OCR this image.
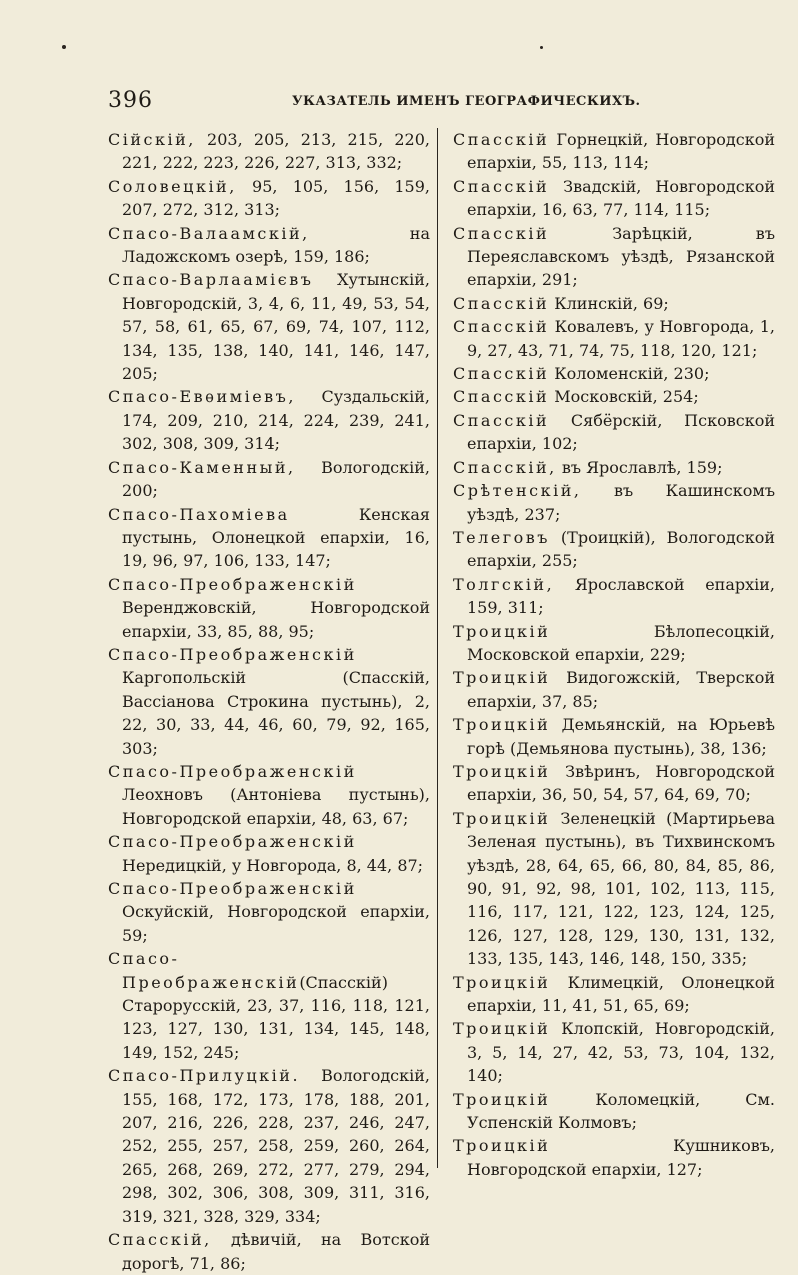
396	УКАЗАТЕЛЬ ИМЕНЪ ГЕОГРАФИЧЕСКИХЪ.

Сійскій, 203, 205, 213, 215, 220, 221, 222, 223, 226, 227, 313, 332;

Соловецкій, 95, 105, 156, 159, 207, 272, 312, 313;

Спасо-Валаамскій, на Ладожскомъ озерѣ, 159, 186;

Спасо-Варлаамієвъ Хутынскій, Новгородскій, 3, 4, 6, 11, 49, 53, 54, 57, 58, 61, 65, 67, 69, 74, 107, 112, 134, 135, 138, 140, 141, 146, 147, 205;

Спасо-Евѳиміевъ, Суздальскій, 174, 209, 210, 214, 224, 239, 241, 302, 308, 309, 314;

Спасо-Каменный, Вологодскій, 200;

Спасо-Пахоміева Кенская пустынь, Олонецкой епархіи, 16, 19, 96, 97, 106, 133, 147;

Спасо-Преображенскій Веренджовскій, Новгородской епархіи, 33, 85, 88, 95;

Спасо-Преображенскій Каргопольскій (Спасскій, Вассіанова Строкина пустынь), 2, 22, 30, 33, 44, 46, 60, 79, 92, 165, 303;

Спасо-Преображенскій Леохновъ (Антоніева пустынь), Новгородской епархіи, 48, 63, 67;

Спасо-Преображенскій Нередицкій, у Новгорода, 8, 44, 87;

Спасо-Преображенскій Оскуйскій, Новгородской епархіи, 59;

Спасо-Преображенскій(Спасскій) Старорусскій, 23, 37, 116, 118, 121, 123, 127, 130, 131, 134, 145, 148, 149, 152, 245;

Спасо-Прилуцкій. Вологодскій, 155, 168, 172, 173, 178, 188, 201, 207, 216, 226, 228, 237, 246, 247, 252, 255, 257, 258, 259, 260, 264, 265, 268, 269, 272, 277, 279, 294, 298, 302, 306, 308, 309, 311, 316, 319, 321, 328, 329, 334;

Спасскій, дѣвичій, на Вотской дорогѣ, 71, 86;

Спасскій Горнецкій, Новгородской епархіи, 55, 113, 114;

Спасскій Звадскій, Новгородской епархіи, 16, 63, 77, 114, 115;

Спасскій Зарѣцкій, въ Переяславскомъ уѣздѣ, Рязанской епархіи, 291;

Спасскій Клинскій, 69;

Спасскій Ковалевъ, у Новгорода, 1, 9, 27, 43, 71, 74, 75, 118, 120, 121;

Спасскій Коломенскій, 230;

Спасскій Московскій, 254;

Спасскій Сябёрскій, Псковской епархіи, 102;

Спасскій, въ Ярославлѣ, 159;

Срѣтенскій, въ Кашинскомъ уѣздѣ, 237;

Телеговъ (Троицкій), Вологодской епархіи, 255;

Толгскій, Ярославской епархіи, 159, 311;

Троицкій Бѣлопесоцкій, Московской епархіи, 229;

Троицкій Видогожскій, Тверской епархіи, 37, 85;

Троицкій Демьянскій, на Юрьевѣ горѣ (Демьянова пустынь), 38, 136;

Троицкій Звѣринъ, Новгородской епархіи, 36, 50, 54, 57, 64, 69, 70;

Троицкій Зеленецкій (Мартирьева Зеленая пустынь), въ Тихвинскомъ уѣздѣ, 28, 64, 65, 66, 80, 84, 85, 86, 90, 91, 92, 98, 101, 102, 113, 115, 116, 117, 121, 122, 123, 124, 125, 126, 127, 128, 129, 130, 131, 132, 133, 135, 143, 146, 148, 150, 335;

Троицкій Климецкій, Олонецкой епархіи, 11, 41, 51, 65, 69;

Троицкій Клопскій, Новгородскій, 3, 5, 14, 27, 42, 53, 73, 104, 132, 140;

Троицкій Коломецкій, См. Успенскій Колмовъ;

Троицкій Кушниковъ, Новгородской епархіи, 127;
